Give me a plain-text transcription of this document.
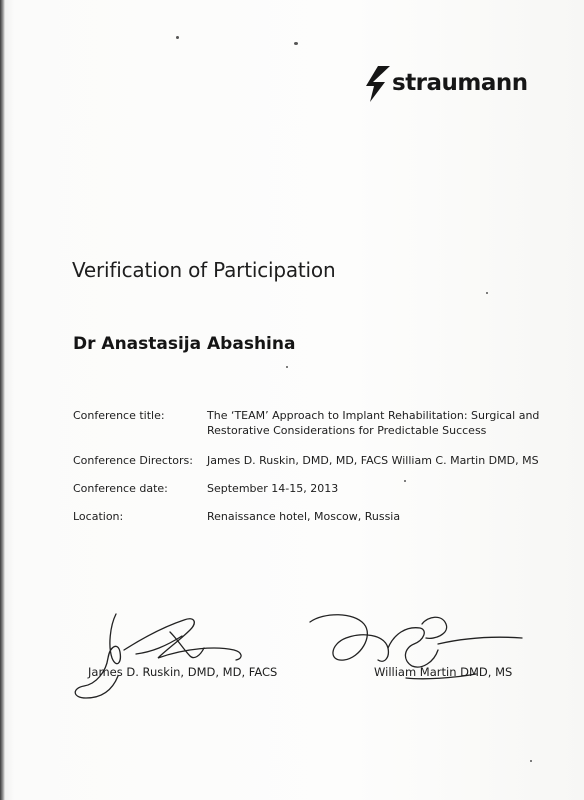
straumann
Verification of Participation
Dr Anastasija Abashina
Conference title:	The ‘TEAM’ Approach to Implant Rehabilitation: Surgical and Restorative Considerations for Predictable Success
Conference Directors:	James D. Ruskin, DMD, MD, FACS William C. Martin DMD, MS
Conference date:	September 14-15, 2013
Location:	Renaissance hotel, Moscow, Russia
James D. Ruskin, DMD, MD, FACS	William Martin DMD, MS
